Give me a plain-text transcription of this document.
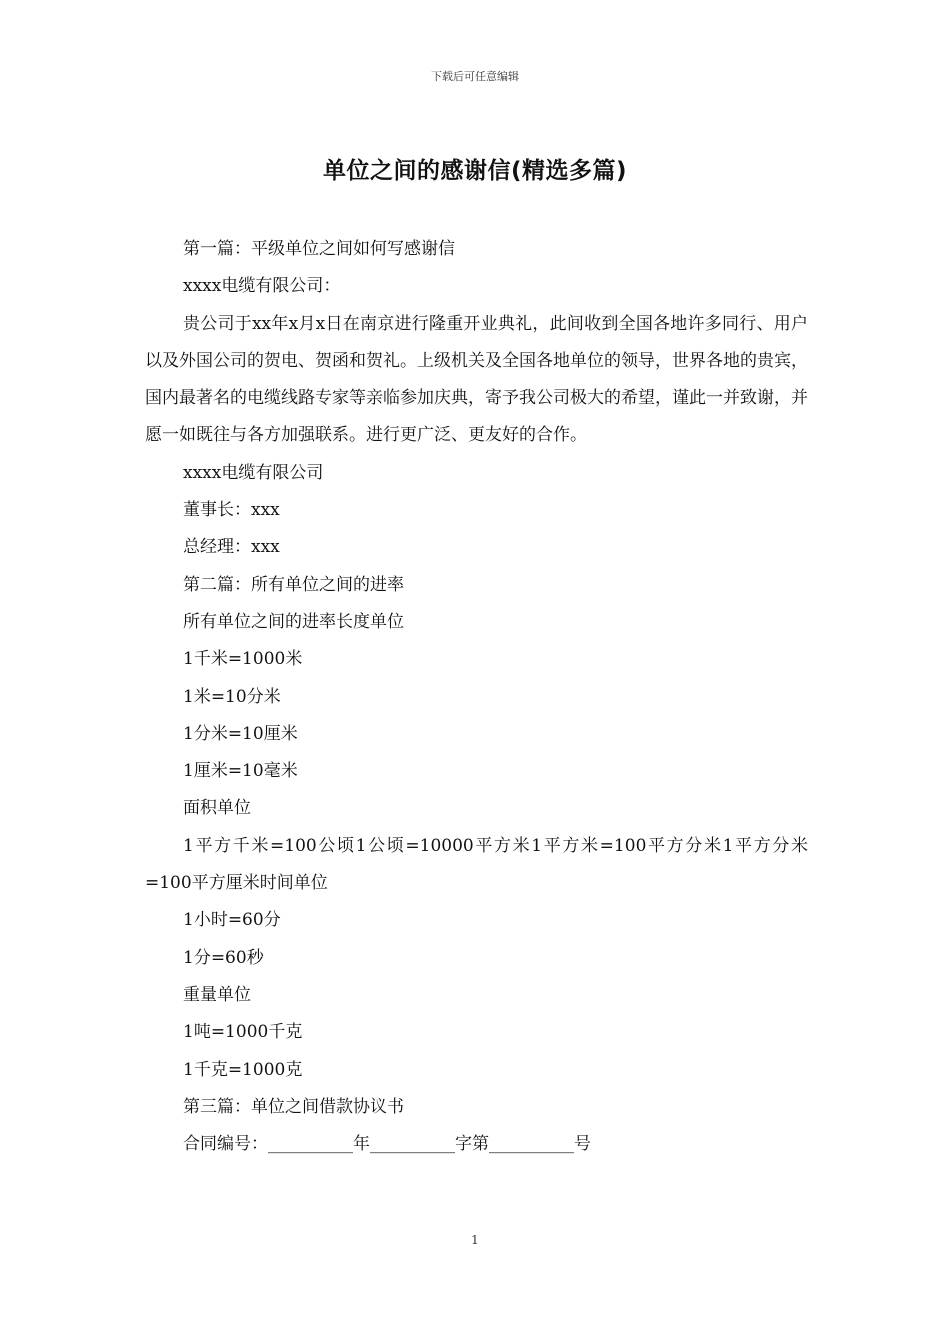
下载后可任意编辑
单位之间的感谢信(精选多篇)

第一篇：平级单位之间如何写感谢信

xxxx电缆有限公司：

贵公司于xx年x月x日在南京进行隆重开业典礼，此间收到全国各地许多同行、用户以及外国公司的贺电、贺函和贺礼。上级机关及全国各地单位的领导，世界各地的贵宾，国内最著名的电缆线路专家等亲临参加庆典，寄予我公司极大的希望，谨此一并致谢，并愿一如既往与各方加强联系。进行更广泛、更友好的合作。

xxxx电缆有限公司

董事长：xxx

总经理：xxx

第二篇：所有单位之间的进率

所有单位之间的进率长度单位

1千米=1000米

1米=10分米

1分米=10厘米

1厘米=10毫米

面积单位

1平方千米=100公顷1公顷=10000平方米1平方米=100平方分米1平方分米=100平方厘米时间单位

1小时=60分

1分=60秒

重量单位

1吨=1000千克

1千克=1000克

第三篇：单位之间借款协议书

合同编号：__________年__________字第__________号

1
